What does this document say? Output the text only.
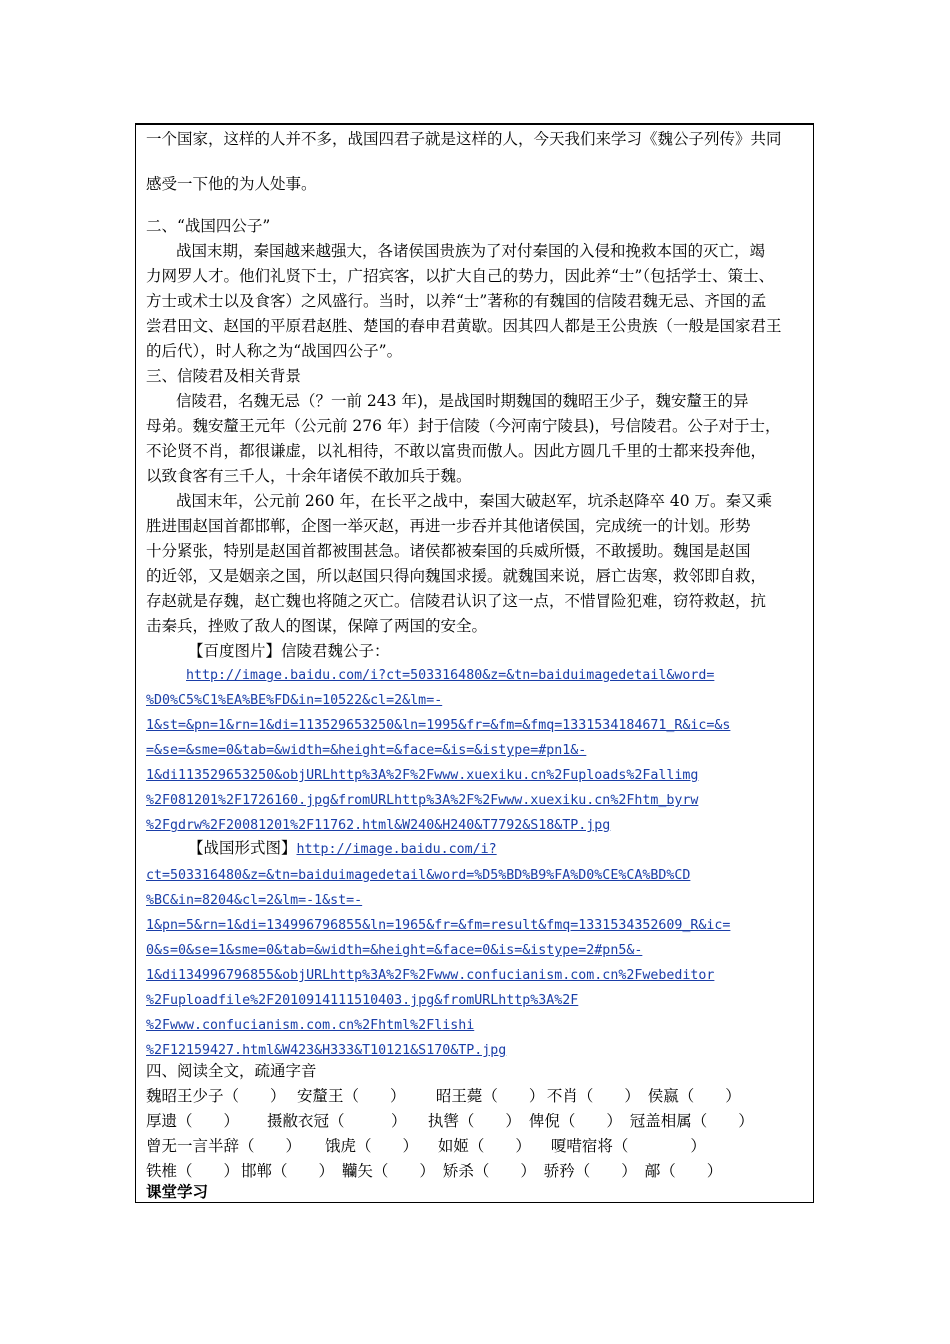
一个国家，这样的人并不多，战国四君子就是这样的人，今天我们来学习《魏公子列传》共同
感受一下他的为人处事。
二、“战国四公子”
战国末期，秦国越来越强大，各诸侯国贵族为了对付秦国的入侵和挽救本国的灭亡，竭
力网罗人才。他们礼贤下士，广招宾客，以扩大自己的势力，因此养“士”（包括学士、策士、
方士或术士以及食客）之风盛行。当时，以养“士”著称的有魏国的信陵君魏无忌、齐国的孟
尝君田文、赵国的平原君赵胜、楚国的春申君黄歇。因其四人都是王公贵族（一般是国家君王
的后代），时人称之为“战国四公子”。
三、信陵君及相关背景
信陵君，名魏无忌（？一前 243 年)，是战国时期魏国的魏昭王少子，魏安釐王的异
母弟。魏安釐王元年（公元前 276 年）封于信陵（今河南宁陵县)，号信陵君。公子对于士，
不论贤不肖，都很谦虚，以礼相待，不敢以富贵而傲人。因此方圆几千里的士都来投奔他，
以致食客有三千人，十余年诸侯不敢加兵于魏。
战国末年，公元前 260 年，在长平之战中，秦国大破赵军，坑杀赵降卒 40 万。秦又乘
胜进围赵国首都邯郸，企图一举灭赵，再进一步吞并其他诸侯国，完成统一的计划。形势
十分紧张，特别是赵国首都被围甚急。诸侯都被秦国的兵威所慑，不敢援助。魏国是赵国
的近邻，又是姻亲之国，所以赵国只得向魏国求援。就魏国来说，唇亡齿寒，救邻即自救，
存赵就是存魏，赵亡魏也将随之灭亡。信陵君认识了这一点，不惜冒险犯难，窃符救赵，抗
击秦兵，挫败了敌人的图谋，保障了两国的安全。
【百度图片】信陵君魏公子：
http://image.baidu.com/i?ct=503316480&z=&tn=baiduimagedetail&word=
%D0%C5%C1%EA%BE%FD&in=10522&cl=2&lm=-
1&st=&pn=1&rn=1&di=113529653250&ln=1995&fr=&fm=&fmq=1331534184671_R&ic=&s
=&se=&sme=0&tab=&width=&height=&face=&is=&istype=#pn1&-
1&di113529653250&objURLhttp%3A%2F%2Fwww.xuexiku.cn%2Fuploads%2Fallimg
%2F081201%2F1726160.jpg&fromURLhttp%3A%2F%2Fwww.xuexiku.cn%2Fhtm_byrw
%2Fgdrw%2F20081201%2F11762.html&W240&H240&T7792&S18&TP.jpg
【战国形式图】http://image.baidu.com/i?
ct=503316480&z=&tn=baiduimagedetail&word=%D5%BD%B9%FA%D0%CE%CA%BD%CD
%BC&in=8204&cl=2&lm=-1&st=-
1&pn=5&rn=1&di=134996796855&ln=1965&fr=&fm=result&fmq=1331534352609_R&ic=
0&s=0&se=1&sme=0&tab=&width=&height=&face=0&is=&istype=2#pn5&-
1&di134996796855&objURLhttp%3A%2F%2Fwww.confucianism.com.cn%2Fwebeditor
%2Fuploadfile%2F2010914111510403.jpg&fromURLhttp%3A%2F
%2Fwww.confucianism.com.cn%2Fhtml%2Flishi
%2F12159427.html&W423&H333&T10121&S170&TP.jpg
四、阅读全文，疏通字音
魏昭王少子（　　） 安釐王（　　） 昭王薨（　　） 不肖（　　） 侯嬴（　　）
厚遗（　　） 摄敝衣冠（　　　） 执辔（　　） 俾倪（　　） 冠盖相属（　　）
曾无一言半辞（　　） 饿虎（　　） 如姬（　　） 嗄唶宿将（　　　　）
铁椎（　　） 邯郸（　　） 韊矢（　　） 矫杀（　　） 骄矜（　　） 鄗（　　）
课堂学习
